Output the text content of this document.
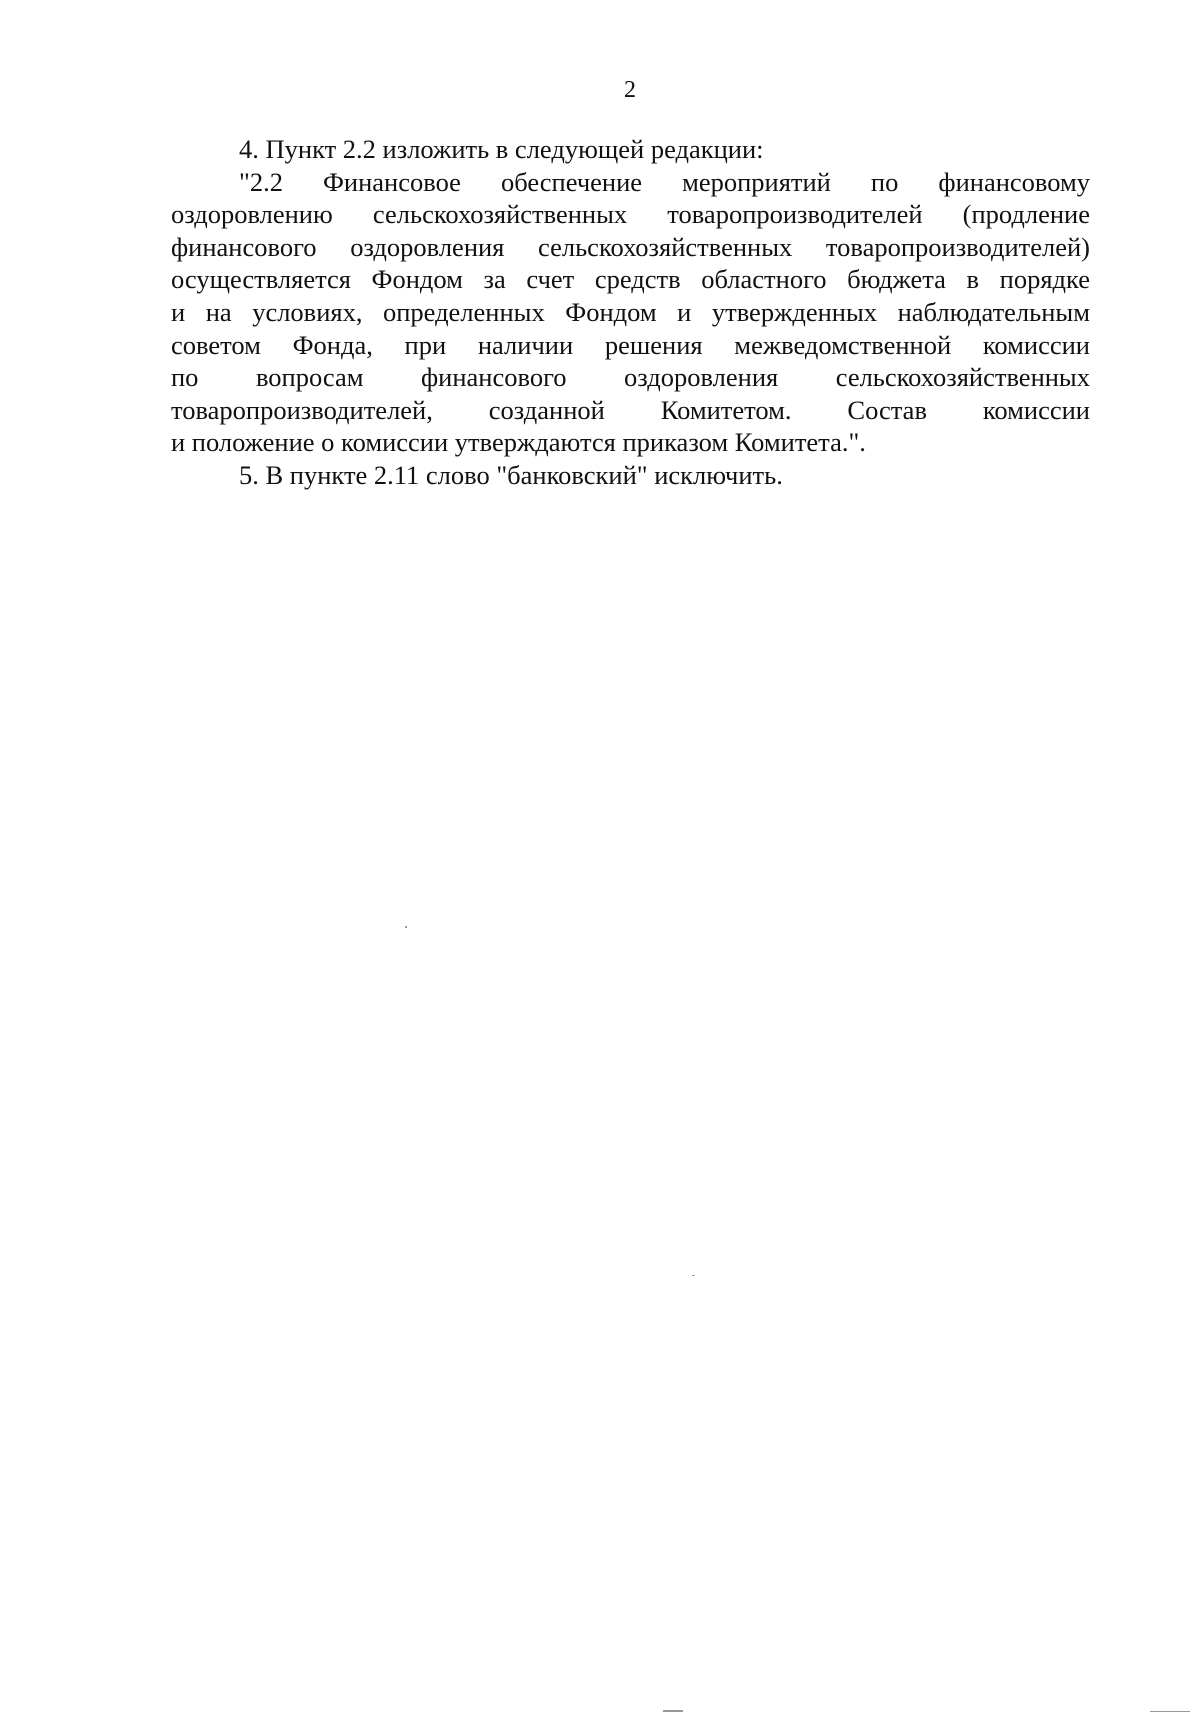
2

4. Пункт 2.2 изложить в следующей редакции:

"2.2 Финансовое обеспечение мероприятий по финансовому

оздоровлению сельскохозяйственных товаропроизводителей (продление

финансового оздоровления сельскохозяйственных товаропроизводителей)

осуществляется Фондом за счет средств областного бюджета в порядке

и на условиях, определенных Фондом и утвержденных наблюдательным

советом Фонда, при наличии решения межведомственной комиссии

по вопросам финансового оздоровления сельскохозяйственных

товаропроизводителей, созданной Комитетом. Состав комиссии

и положение о комиссии утверждаются приказом Комитета.".

5. В пункте 2.11 слово "банковский" исключить.
